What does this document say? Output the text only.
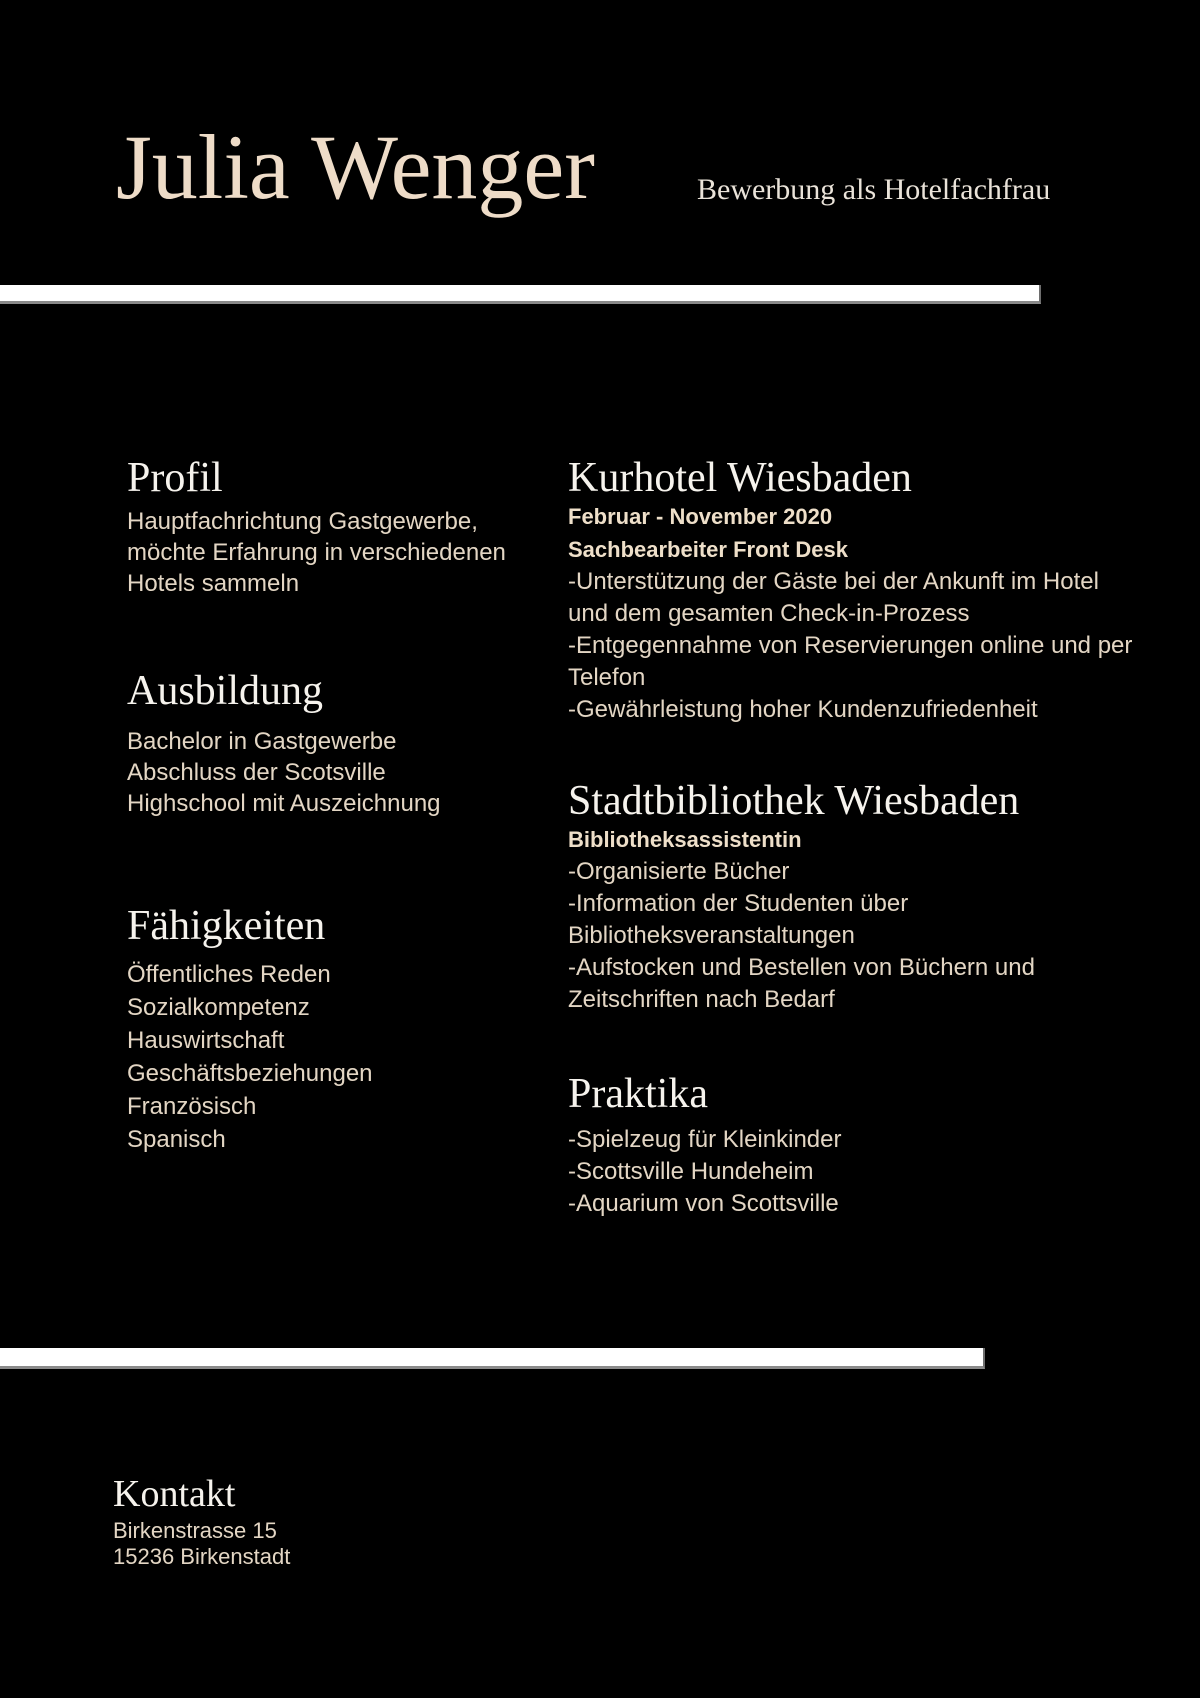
Julia Wenger	Bewerbung als Hotelfachfrau
Profil
Hauptfachrichtung Gastgewerbe,
möchte Erfahrung in verschiedenen
Hotels sammeln
Ausbildung
Bachelor in Gastgewerbe
Abschluss der Scotsville
Highschool mit Auszeichnung
Fähigkeiten
Öffentliches Reden
Sozialkompetenz
Hauswirtschaft
Geschäftsbeziehungen
Französisch
Spanisch
Kurhotel Wiesbaden
Februar - November 2020
Sachbearbeiter Front Desk
-Unterstützung der Gäste bei der Ankunft im Hotel
und dem gesamten Check-in-Prozess
-Entgegennahme von Reservierungen online und per
Telefon
-Gewährleistung hoher Kundenzufriedenheit
Stadtbibliothek Wiesbaden
Bibliotheksassistentin
-Organisierte Bücher
-Information der Studenten über
Bibliotheksveranstaltungen
-Aufstocken und Bestellen von Büchern und
Zeitschriften nach Bedarf
Praktika
-Spielzeug für Kleinkinder
-Scottsville Hundeheim
-Aquarium von Scottsville
Kontakt
Birkenstrasse 15
15236 Birkenstadt
